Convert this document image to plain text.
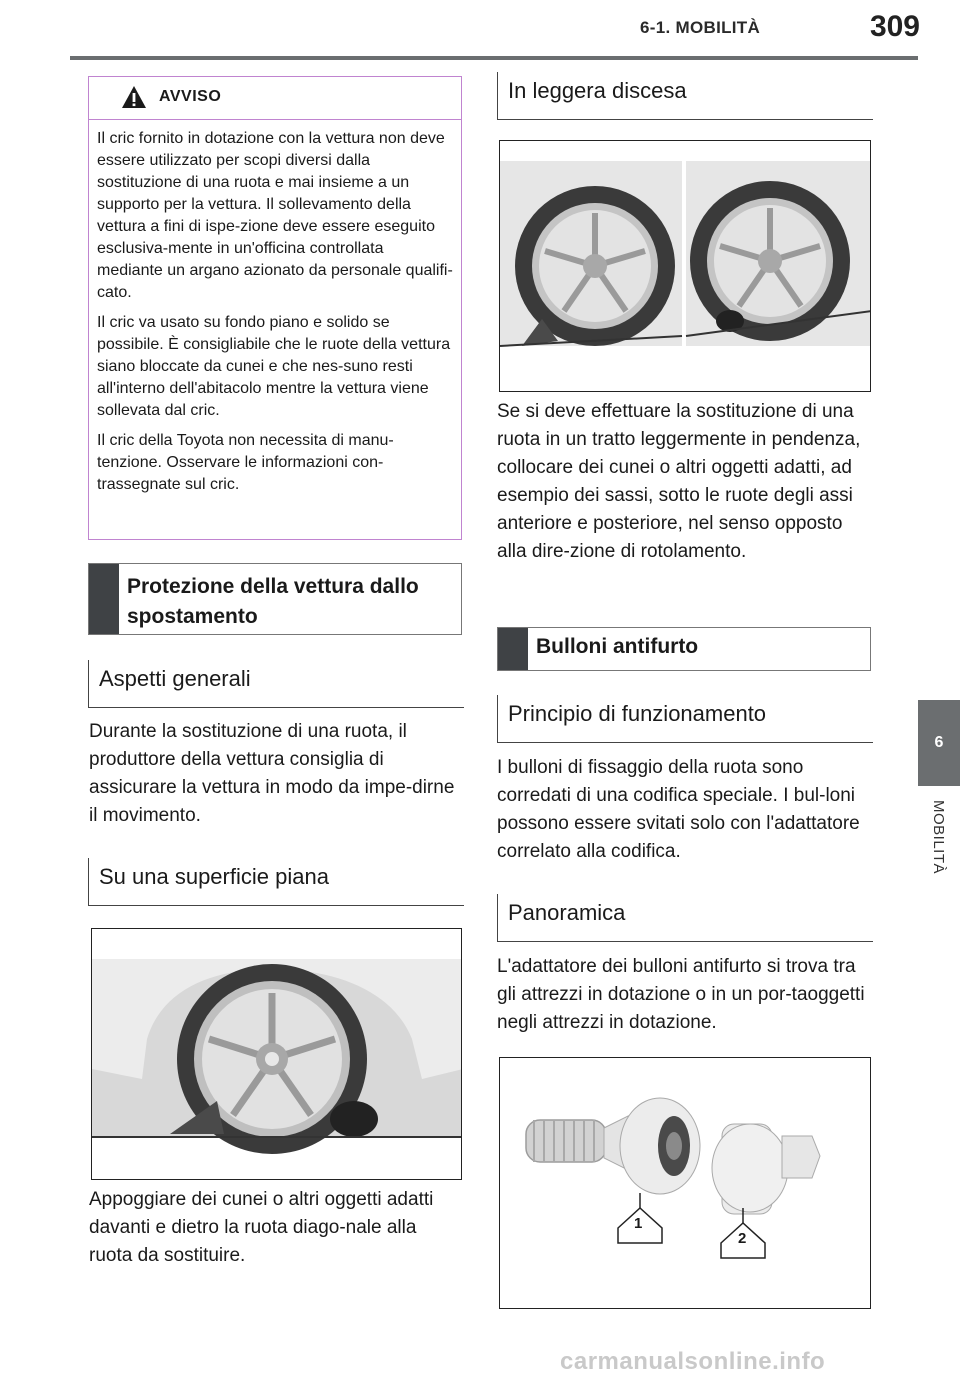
6-1. MOBILITÀ	309
6
MOBILITÀ
AVVISO

Il cric fornito in dotazione con la vettura non deve essere utilizzato per scopi diversi dalla sostituzione di una ruota e mai insieme a un supporto per la vettura. Il sollevamento della vettura a fini di ispe-zione deve essere eseguito esclusiva-mente in un'officina controllata mediante un argano azionato da personale qualifi-cato.

Il cric va usato su fondo piano e solido se possibile. È consigliabile che le ruote della vettura siano bloccate da cunei e che nes-suno resti all'interno dell'abitacolo mentre la vettura viene sollevata dal cric.

Il cric della Toyota non necessita di manu-tenzione. Osservare le informazioni con-trassegnate sul cric.

Protezione della vettura dallo spostamento
Aspetti generali
Durante la sostituzione di una ruota, il produttore della vettura consiglia di assicurare la vettura in modo da impe-dirne il movimento.
Su una superficie piana
Appoggiare dei cunei o altri oggetti adatti davanti e dietro la ruota diago-nale alla ruota da sostituire.
In leggera discesa
Se si deve effettuare la sostituzione di una ruota in un tratto leggermente in pendenza, collocare dei cunei o altri oggetti adatti, ad esempio dei sassi, sotto le ruote degli assi anteriore e posteriore, nel senso opposto alla dire-zione di rotolamento.
Bulloni antifurto
Principio di funzionamento
I bulloni di fissaggio della ruota sono corredati di una codifica speciale. I bul-loni possono essere svitati solo con l'adattatore correlato alla codifica.
Panoramica
L'adattatore dei bulloni antifurto si trova tra gli attrezzi in dotazione o in un por-taoggetti negli attrezzi in dotazione.
1
2
carmanualsonline.info
